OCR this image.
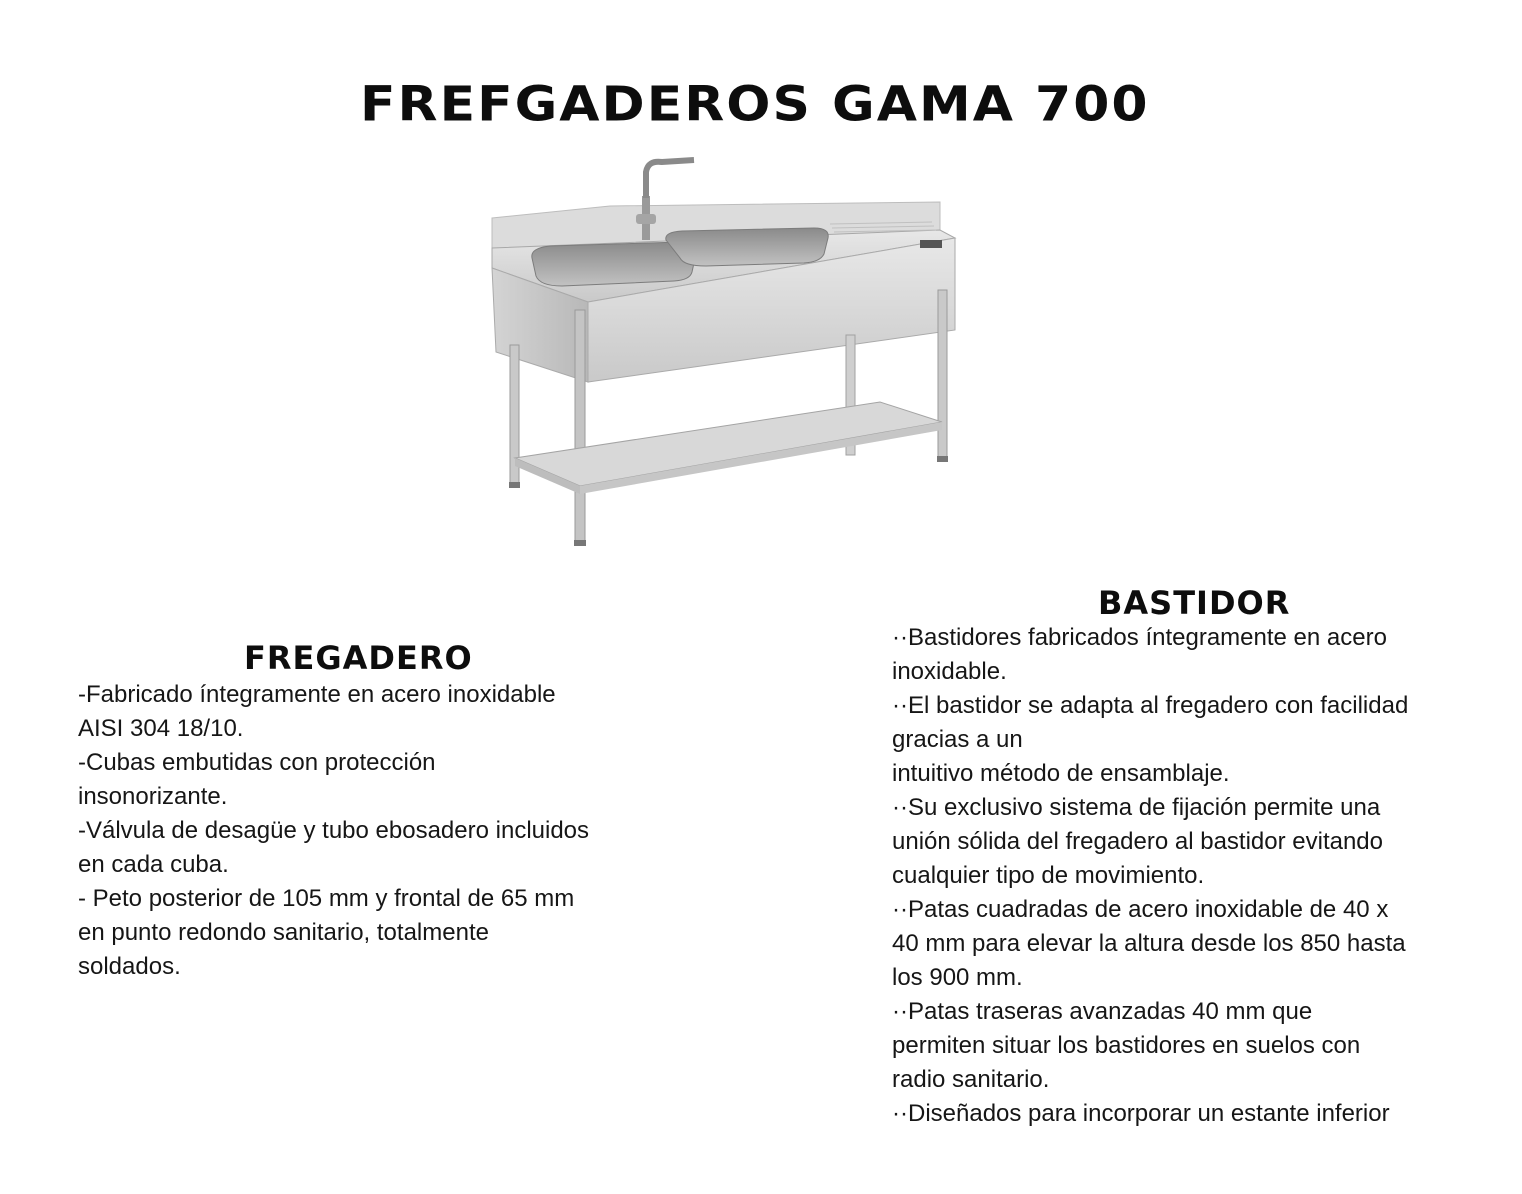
FREFGADEROS GAMA 700
FREGADERO

-Fabricado íntegramente en acero inoxidable

AISI 304 18/10.

-Cubas embutidas con protección

insonorizante.

-Válvula de desagüe y tubo ebosadero incluidos

en cada cuba.

- Peto posterior de 105 mm y frontal de 65 mm

en punto redondo sanitario, totalmente

soldados.

BASTIDOR

··Bastidores fabricados íntegramente en acero

inoxidable.

··El bastidor se adapta al fregadero con facilidad

gracias a un

intuitivo método de ensamblaje.

··Su exclusivo sistema de fijación permite una

unión sólida del fregadero al bastidor evitando

cualquier tipo de movimiento.

··Patas cuadradas de acero inoxidable de 40 x

40 mm para elevar la altura desde los 850 hasta

los 900 mm.

··Patas traseras avanzadas 40 mm que

permiten situar los bastidores en suelos con

radio sanitario.

··Diseñados para incorporar un estante inferior
